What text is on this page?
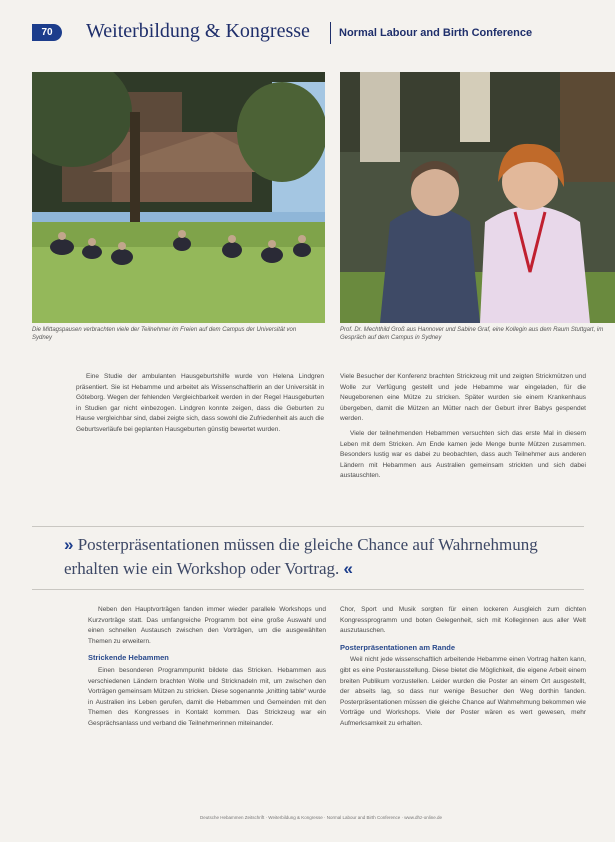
70	Weiterbildung & Kongresse	Normal Labour and Birth Conference
Die Mittagspausen verbrachten viele der Teilnehmer im Freien auf dem Campus der Universität von Sydney
Prof. Dr. Mechthild Groß aus Hannover und Sabine Graf, eine Kollegin aus dem Raum Stuttgart, im Gespräch auf dem Campus in Sydney

Eine Studie der ambulanten Hausgeburtshilfe wurde von Helena Lindgren präsentiert. Sie ist Hebamme und arbeitet als Wissenschaftlerin an der Universität in Göteborg. Wegen der fehlenden Vergleichbarkeit werden in der Regel Hausgeburten in Studien gar nicht einbezogen. Lindgren konnte zeigen, dass die Geburten zu Hause vergleichbar sind, dabei zeigte sich, dass sowohl die Zufriedenheit als auch die Geburtsverläufe bei geplanten Hausgeburten günstig bewertet wurden.

Viele Besucher der Konferenz brachten Strickzeug mit und zeigten Strickmützen und Wolle zur Verfügung gestellt und jede Hebamme war eingeladen, für die Neugeborenen eine Mütze zu stricken. Später wurden sie einem Krankenhaus übergeben, damit die Mützen an Mütter nach der Geburt ihrer Babys gespendet werden.

Viele der teilnehmenden Hebammen versuchten sich das erste Mal in diesem Leben mit dem Stricken. Am Ende kamen jede Menge bunte Mützen zusammen. Besonders lustig war es dabei zu beobachten, dass auch Teilnehmer aus anderen Ländern mit Hebammen aus Australien gemeinsam strickten und sich dabei austauschten.

» Posterpräsentationen müssen die gleiche Chance auf Wahrnehmung erhalten wie ein Workshop oder Vortrag. «

Neben den Hauptvorträgen fanden immer wieder parallele Workshops und Kurzvorträge statt. Das umfangreiche Programm bot eine große Auswahl und einen schnellen Austausch zwischen den Vorträgen, um die ausgewählten Themen zu erweitern.

Strickende Hebammen

Einen besonderen Programmpunkt bildete das Stricken. Hebammen aus verschiedenen Ländern brachten Wolle und Stricknadeln mit, um zwischen den Vorträgen gemeinsam Mützen zu stricken. Diese sogenannte „knitting table“ wurde in Australien ins Leben gerufen, damit die Hebammen und Gemeinden mit den Themen des Kongresses in Kontakt kommen. Das Strickzeug war ein Gesprächsanlass und verband die Teilnehmerinnen miteinander.

Chor, Sport und Musik sorgten für einen lockeren Ausgleich zum dichten Kongressprogramm und boten Gelegenheit, sich mit Kolleginnen aus aller Welt auszutauschen.

Posterpräsentationen am Rande

Weil nicht jede wissenschaftlich arbeitende Hebamme einen Vortrag halten kann, gibt es eine Posterausstellung. Diese bietet die Möglichkeit, die eigene Arbeit einem breiten Publikum vorzustellen. Leider wurden die Poster an einem Ort ausgestellt, der abseits lag, so dass nur wenige Besucher den Weg dorthin fanden. Posterpräsentationen müssen die gleiche Chance auf Wahrnehmung bekommen wie Vorträge und Workshops. Viele der Poster wären es wert gewesen, mehr Aufmerksamkeit zu erhalten.

Deutsche Hebammen Zeitschrift · Weiterbildung & Kongresse · Normal Labour and Birth Conference · www.dhz-online.de
